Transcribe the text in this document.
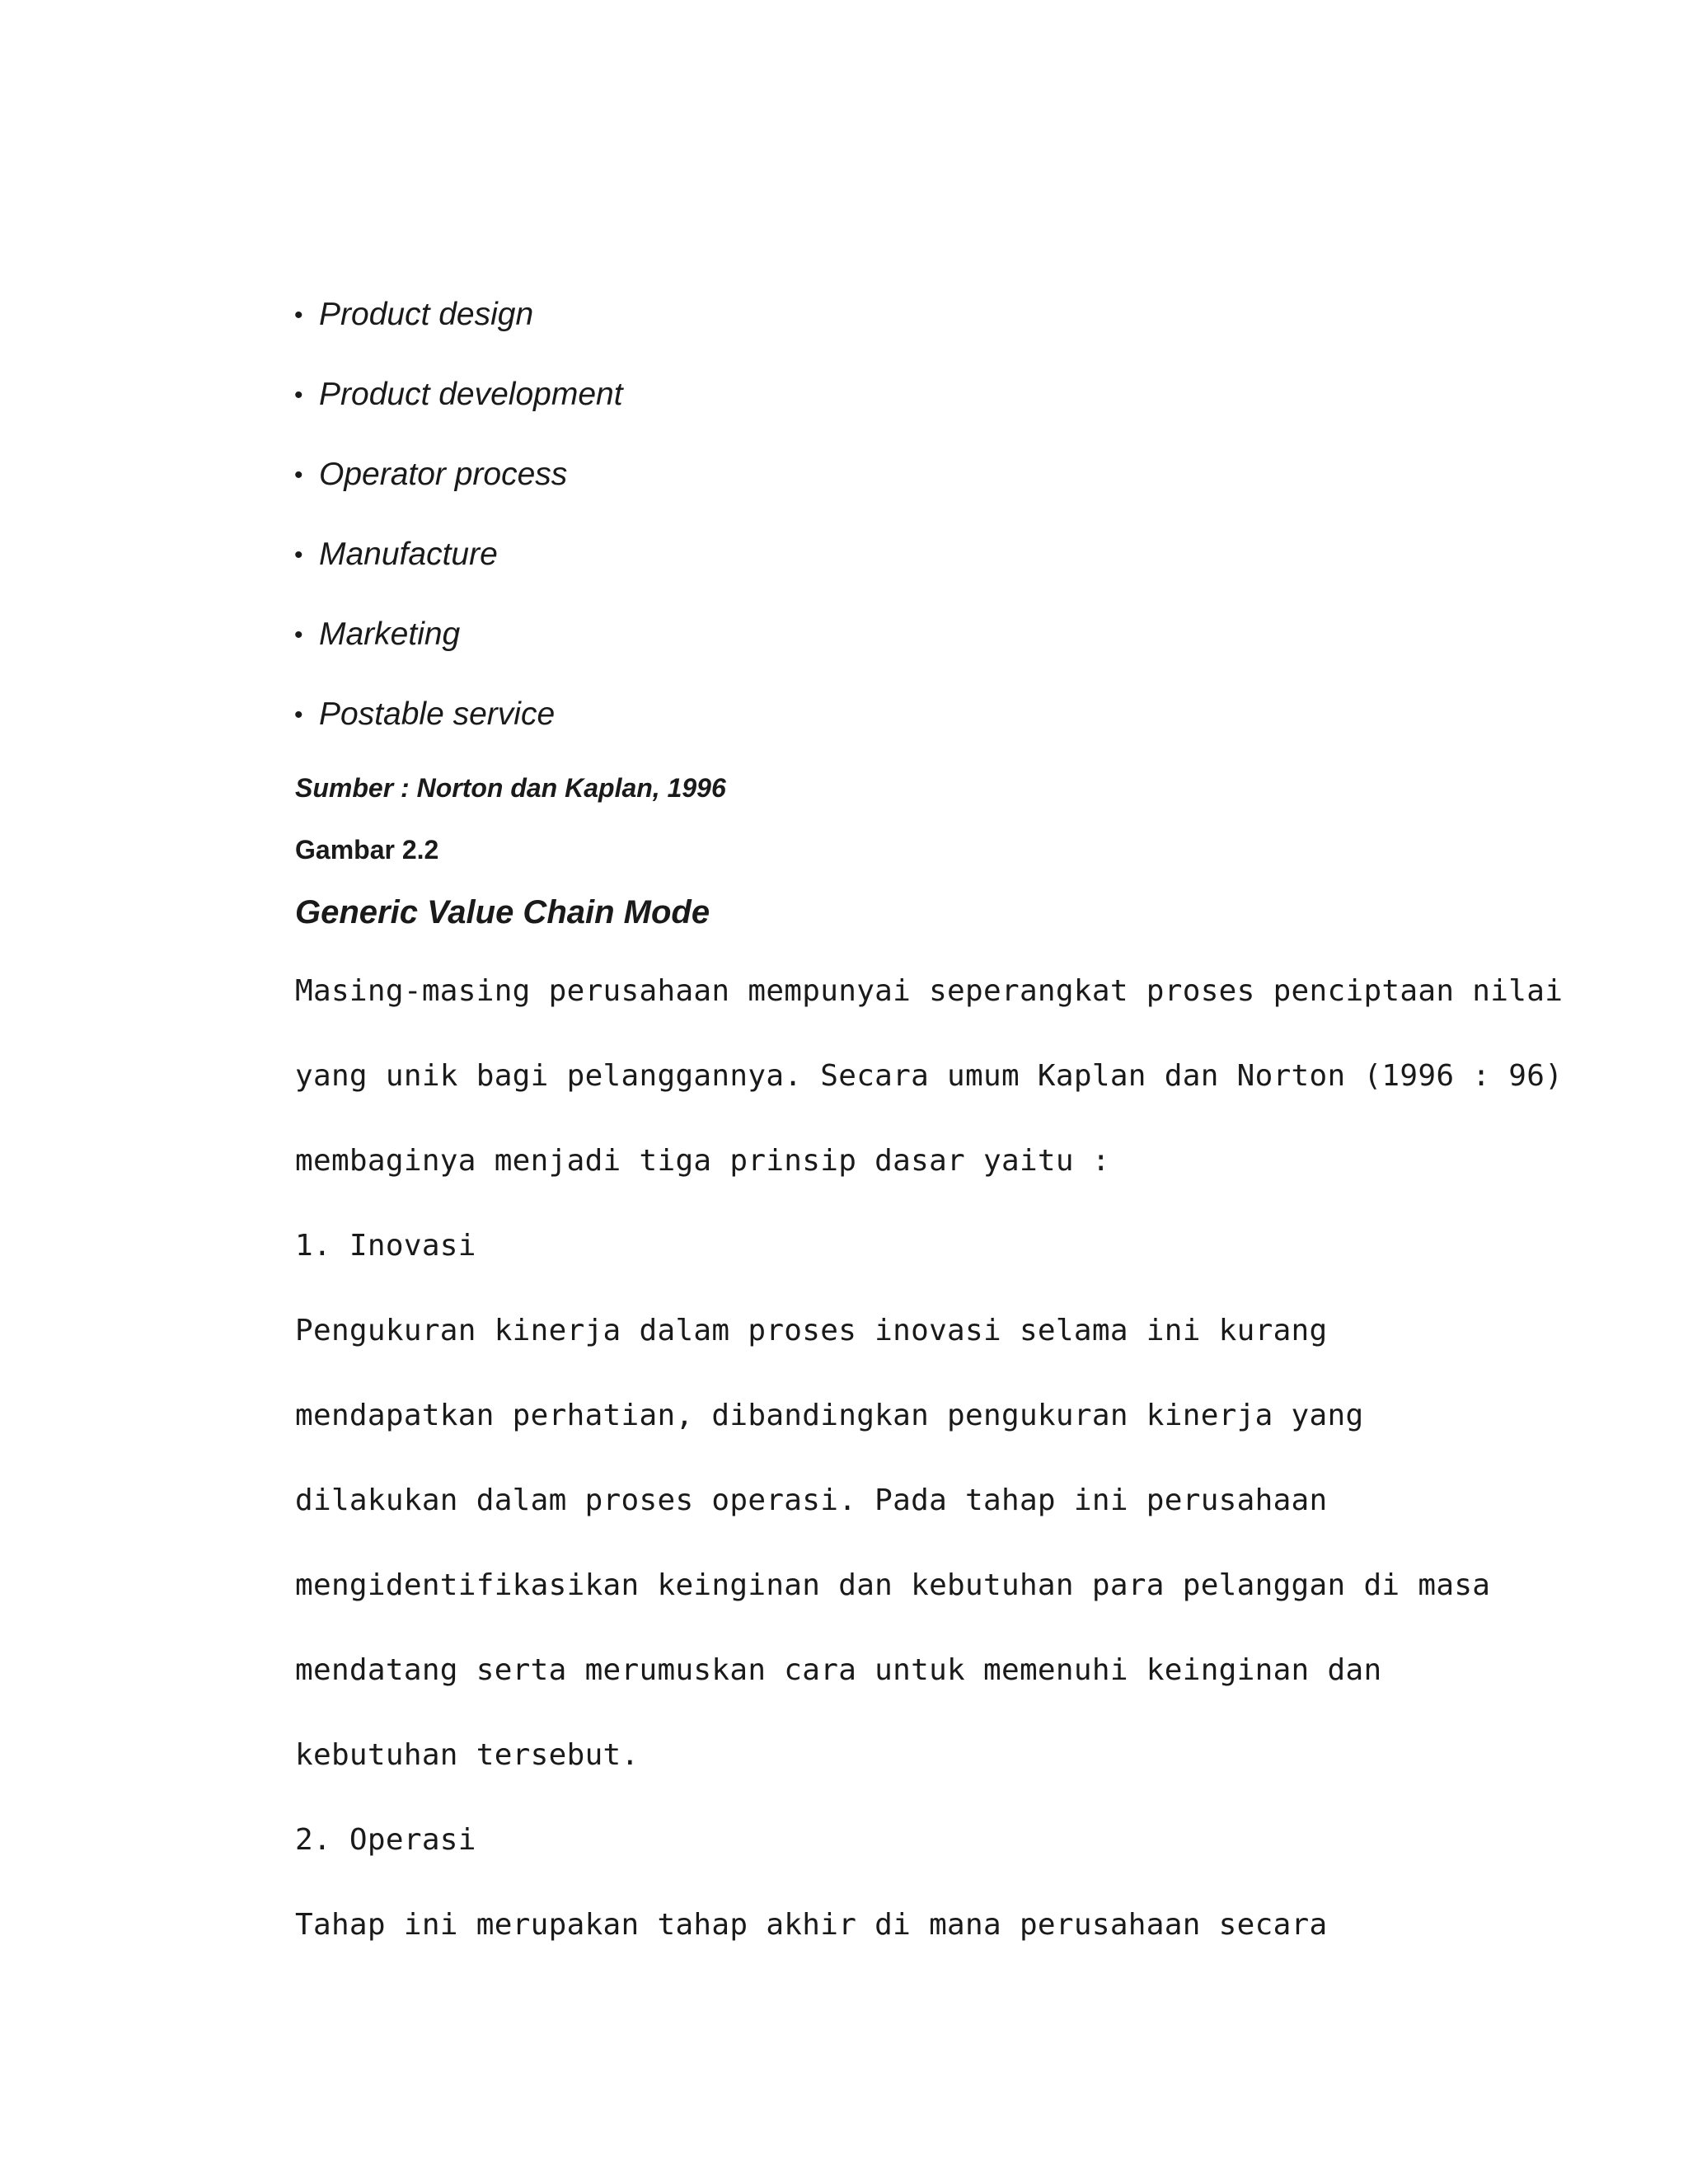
• Product design
• Product development
• Operator process
• Manufacture
• Marketing
• Postable service
Sumber : Norton dan Kaplan, 1996
Gambar 2.2
Generic Value Chain Mode
Masing-masing perusahaan mempunyai seperangkat proses penciptaan nilai
yang unik bagi pelanggannya. Secara umum Kaplan dan Norton (1996 : 96)
membaginya menjadi tiga prinsip dasar yaitu :
1. Inovasi
Pengukuran kinerja dalam proses inovasi selama ini kurang
mendapatkan perhatian, dibandingkan pengukuran kinerja yang
dilakukan dalam proses operasi. Pada tahap ini perusahaan
mengidentifikasikan keinginan dan kebutuhan para pelanggan di masa
mendatang serta merumuskan cara untuk memenuhi keinginan dan
kebutuhan tersebut.
2. Operasi
Tahap ini merupakan tahap akhir di mana perusahaan secara
